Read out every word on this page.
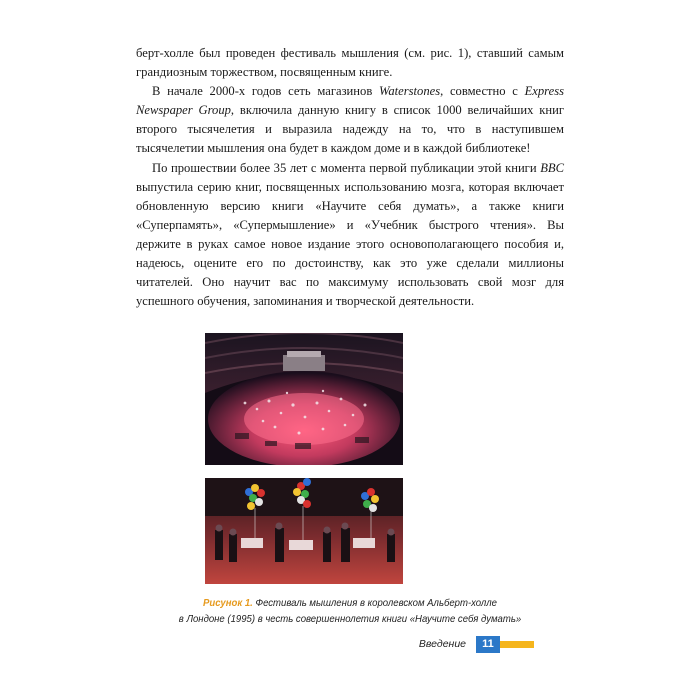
берт-холле был проведен фестиваль мышления (см. рис. 1), ставший самым грандиозным торжеством, посвященным книге.

В начале 2000-х годов сеть магазинов Waterstones, совместно с Express Newspaper Group, включила данную книгу в список 1000 величайших книг второго тысячелетия и выразила надежду на то, что в наступившем тысячелетии мышления она будет в каждом доме и в каждой библиотеке!

По прошествии более 35 лет с момента первой публикации этой книги BBC выпустила серию книг, посвященных использованию мозга, которая включает обновленную версию книги «Научите себя думать», а также книги «Суперпамять», «Супермышление» и «Учебник быстрого чтения». Вы держите в руках самое новое издание этого основополагающего пособия и, надеюсь, оцените его по достоинству, как это уже сделали миллионы читателей. Оно научит вас по максимуму использовать свой мозг для успешного обучения, запоминания и творческой деятельности.

Рисунок 1. Фестиваль мышления в королевском Альберт-холле
в Лондоне (1995) в честь совершеннолетия книги «Научите себя думать»
Введение	11
